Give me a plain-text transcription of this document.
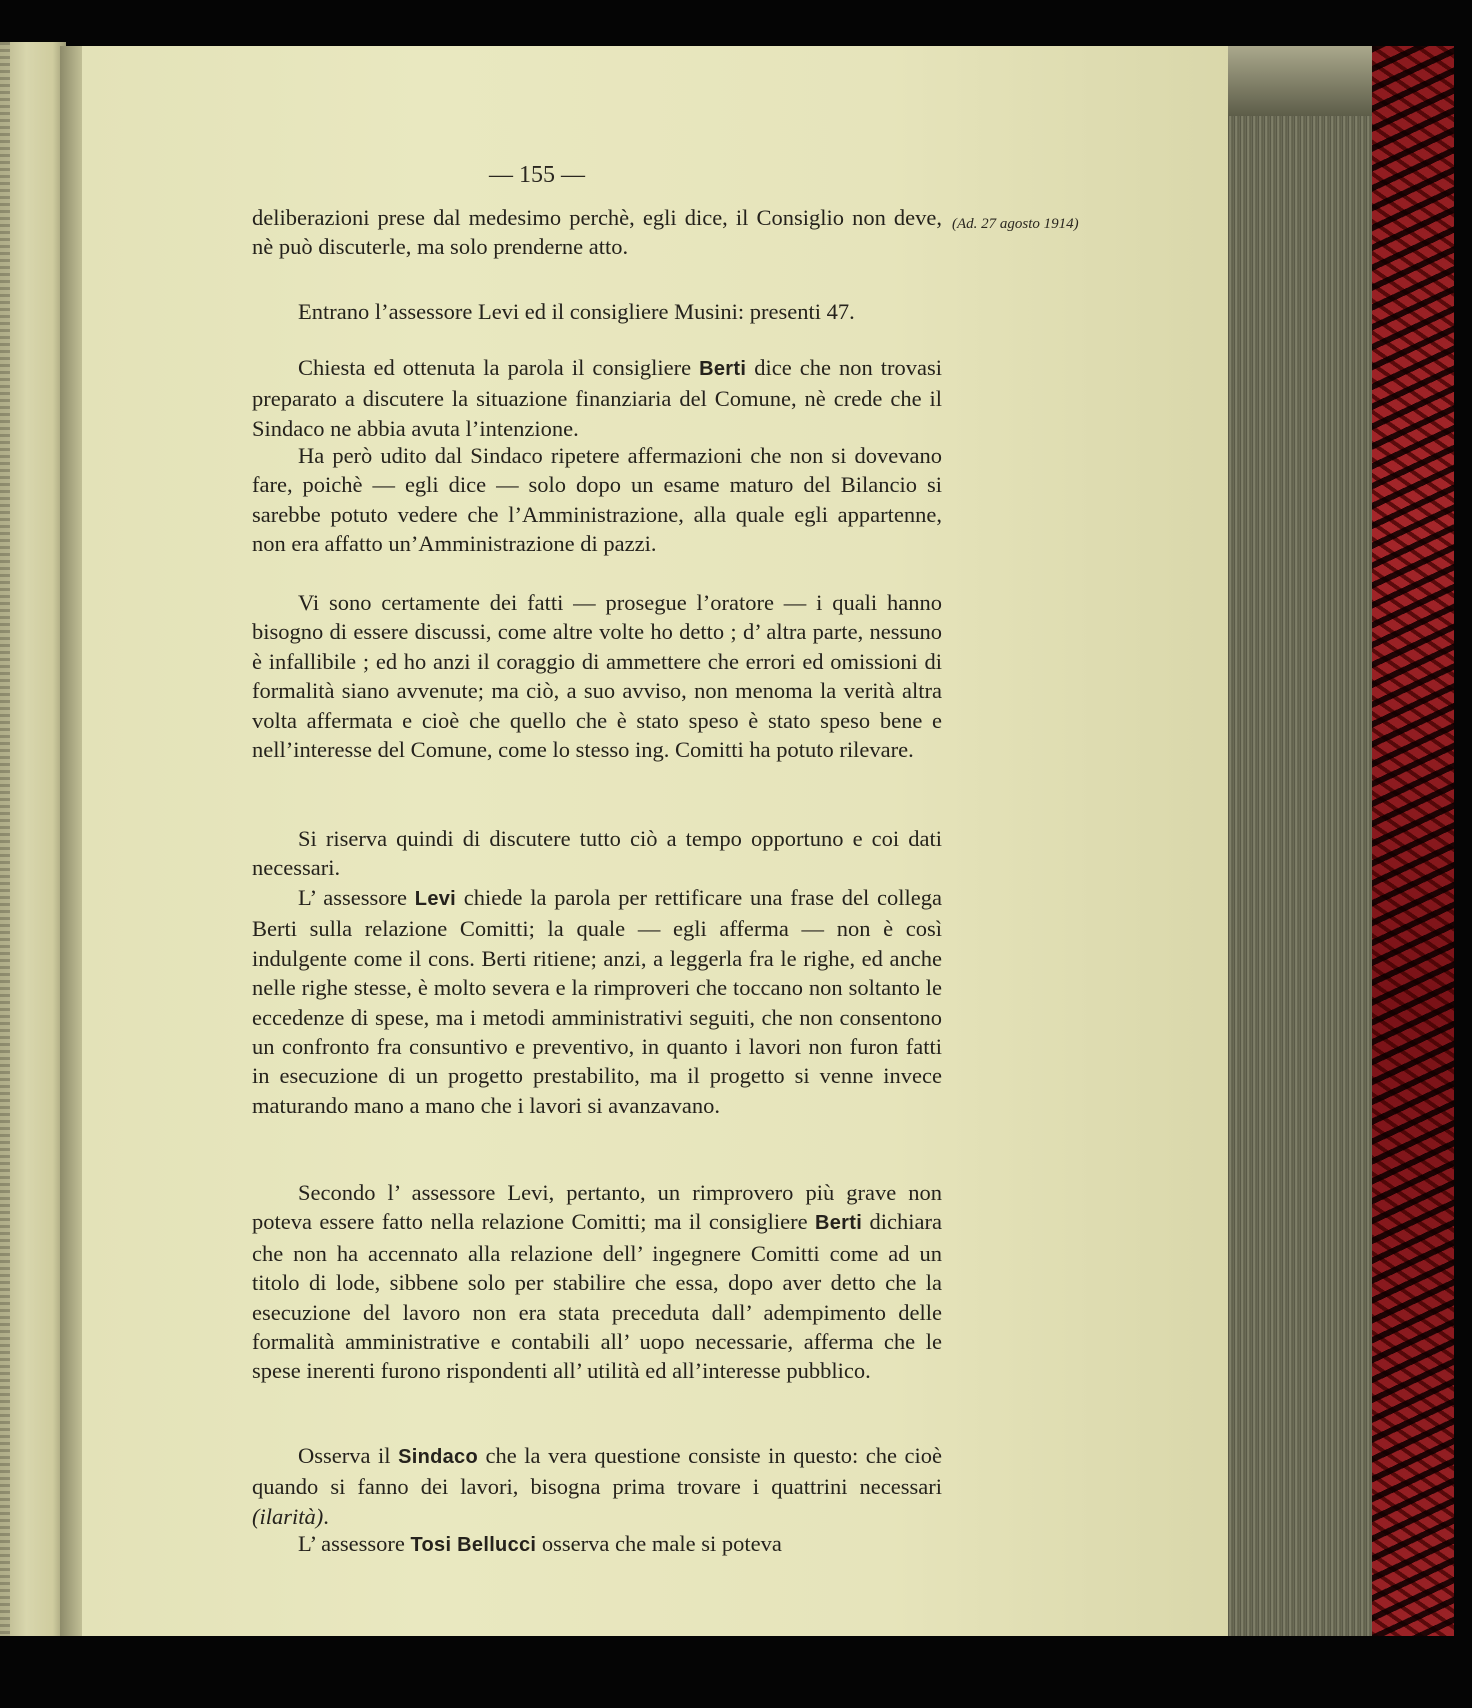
— 155 —
(Ad. 27 agosto 1914)

deliberazioni prese dal medesimo perchè, egli dice, il Consiglio non deve, nè può discuterle, ma solo prenderne atto.

Entrano l’assessore Levi ed il consigliere Musini: presenti 47.

Chiesta ed ottenuta la parola il consigliere Berti dice che non trovasi preparato a discutere la situazione finanziaria del Comune, nè crede che il Sindaco ne abbia avuta l’intenzione.

Ha però udito dal Sindaco ripetere affermazioni che non si dovevano fare, poichè — egli dice — solo dopo un esame maturo del Bilancio si sarebbe potuto vedere che l’Amministrazione, alla quale egli appartenne, non era affatto un’Amministrazione di pazzi.

Vi sono certamente dei fatti — prosegue l’oratore — i quali hanno bisogno di essere discussi, come altre volte ho detto ; d’ altra parte, nessuno è infallibile ; ed ho anzi il coraggio di ammettere che errori ed omissioni di formalità siano avvenute; ma ciò, a suo avviso, non menoma la verità altra volta affermata e cioè che quello che è stato speso è stato speso bene e nell’interesse del Comune, come lo stesso ing. Comitti ha potuto rilevare.

Si riserva quindi di discutere tutto ciò a tempo opportuno e coi dati necessari.

L’ assessore Levi chiede la parola per rettificare una frase del collega Berti sulla relazione Comitti; la quale — egli afferma — non è così indulgente come il cons. Berti ritiene; anzi, a leggerla fra le righe, ed anche nelle righe stesse, è molto severa e la rimproveri che toccano non soltanto le eccedenze di spese, ma i metodi amministrativi seguiti, che non consentono un confronto fra consuntivo e preventivo, in quanto i lavori non furon fatti in esecuzione di un progetto prestabilito, ma il progetto si venne invece maturando mano a mano che i lavori si avanzavano.

Secondo l’ assessore Levi, pertanto, un rimprovero più grave non poteva essere fatto nella relazione Comitti; ma il consigliere Berti dichiara che non ha accennato alla relazione dell’ ingegnere Comitti come ad un titolo di lode, sibbene solo per stabilire che essa, dopo aver detto che la esecuzione del lavoro non era stata preceduta dall’ adempimento delle formalità amministrative e contabili all’ uopo necessarie, afferma che le spese inerenti furono rispondenti all’ utilità ed all’interesse pubblico.

Osserva il Sindaco che la vera questione consiste in questo: che cioè quando si fanno dei lavori, bisogna prima trovare i quattrini necessari (ilarità).

L’ assessore Tosi Bellucci osserva che male si poteva
